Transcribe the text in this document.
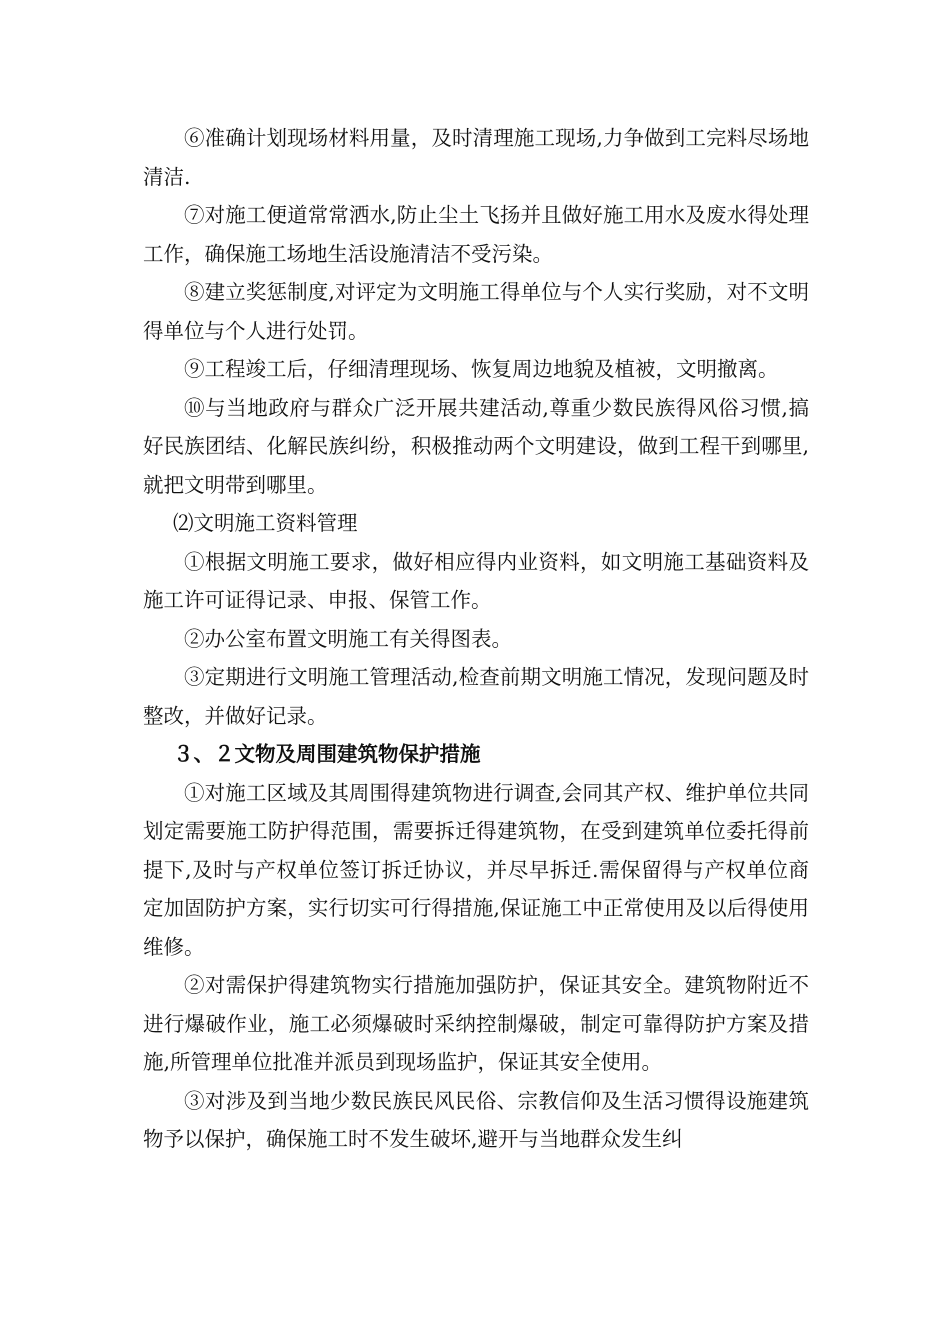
⑥准确计划现场材料用量，及时清理施工现场,力争做到工完料尽场地清洁.

⑦对施工便道常常洒水,防止尘土飞扬并且做好施工用水及废水得处理工作，确保施工场地生活设施清洁不受污染。

⑧建立奖惩制度,对评定为文明施工得单位与个人实行奖励，对不文明得单位与个人进行处罚。

⑨工程竣工后，仔细清理现场、恢复周边地貌及植被，文明撤离。

⑩与当地政府与群众广泛开展共建活动,尊重少数民族得风俗习惯,搞好民族团结、化解民族纠纷，积极推动两个文明建设，做到工程干到哪里,就把文明带到哪里。

⑵文明施工资料管理

①根据文明施工要求，做好相应得内业资料，如文明施工基础资料及施工许可证得记录、申报、保管工作。

②办公室布置文明施工有关得图表。

③定期进行文明施工管理活动,检查前期文明施工情况，发现问题及时整改，并做好记录。

３、２文物及周围建筑物保护措施

①对施工区域及其周围得建筑物进行调查,会同其产权、维护单位共同划定需要施工防护得范围，需要拆迁得建筑物，在受到建筑单位委托得前提下,及时与产权单位签订拆迁协议，并尽早拆迁.需保留得与产权单位商定加固防护方案，实行切实可行得措施,保证施工中正常使用及以后得使用维修。

②对需保护得建筑物实行措施加强防护，保证其安全。建筑物附近不进行爆破作业，施工必须爆破时采纳控制爆破，制定可靠得防护方案及措施,所管理单位批准并派员到现场监护，保证其安全使用。

③对涉及到当地少数民族民风民俗、宗教信仰及生活习惯得设施建筑物予以保护，确保施工时不发生破坏,避开与当地群众发生纠
